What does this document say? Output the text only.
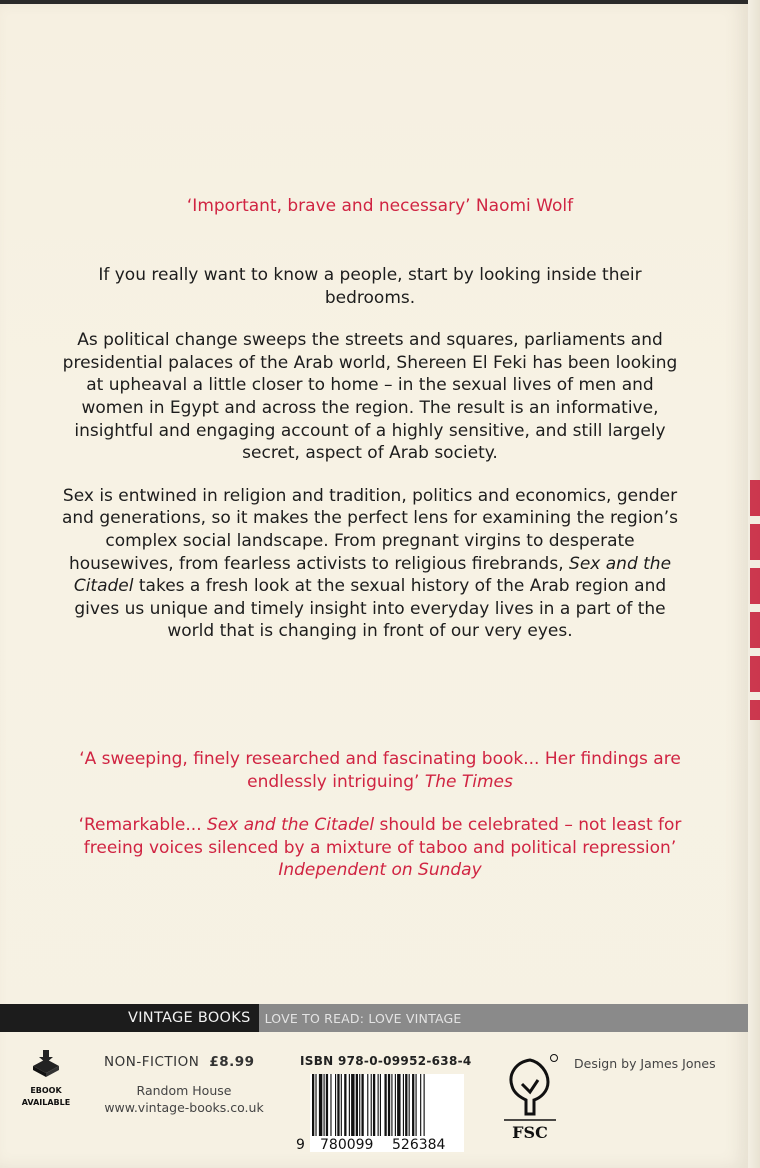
‘Important, brave and necessary’ Naomi Wolf

If you really want to know a people, start by looking inside their bedrooms.

As political change sweeps the streets and squares, parliaments and presidential palaces of the Arab world, Shereen El Feki has been looking at upheaval a little closer to home – in the sexual lives of men and women in Egypt and across the region. The result is an informative, insightful and engaging account of a highly sensitive, and still largely secret, aspect of Arab society.

Sex is entwined in religion and tradition, politics and economics, gender and generations, so it makes the perfect lens for examining the region’s complex social landscape. From pregnant virgins to desperate housewives, from fearless activists to religious firebrands, Sex and the Citadel takes a fresh look at the sexual history of the Arab region and gives us unique and timely insight into everyday lives in a part of the world that is changing in front of our very eyes.

‘A sweeping, finely researched and fascinating book... Her findings are endlessly intriguing’ The Times

‘Remarkable... Sex and the Citadel should be celebrated – not least for freeing voices silenced by a mixture of taboo and political repression’ Independent on Sunday

VINTAGE BOOKS	LOVE TO READ: LOVE VINTAGE
EBOOK
AVAILABLE
NON-FICTION £8.99
Random House
www.vintage-books.co.uk
ISBN 978-0-09952-638-4
9 780099 526384
FSC
Design by James Jones
